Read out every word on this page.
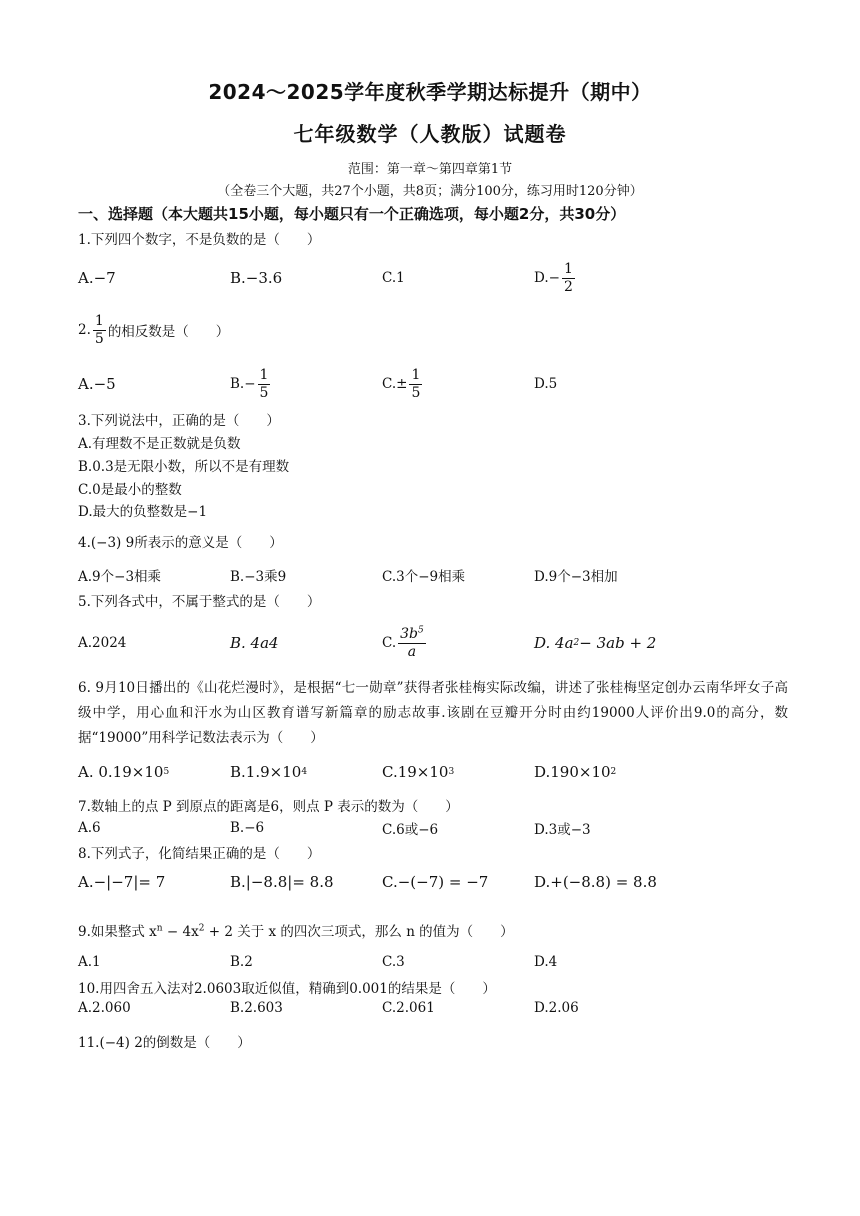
2024～2025学年度秋季学期达标提升（期中）
七年级数学（人教版）试题卷
范围：第一章～第四章第1节
（全卷三个大题，共27个小题，共8页；满分100分，练习用时120分钟）
一、选择题（本大题共15小题，每小题只有一个正确选项，每小题2分，共30分）
1.下列四个数字，不是负数的是（　　）
A.−7	B.−3.6	C.1	$D.- \frac{1}{2}$
2. $\frac{1}{5}$ 的相反数是（　　）
A.−5	$B.- \frac{1}{5}$	$C.\pm \frac{1}{5}$	D.5
3.下列说法中，正确的是（　　）
A.有理数不是正数就是负数
B.0.3是无限小数，所以不是有理数
C.0是最小的整数
D.最大的负整数是−1
4.(−3) 9所表示的意义是（　　）
A.9个−3相乘	B.−3乘9	C.3个−9相乘	D.9个−3相加
5.下列各式中，不属于整式的是（　　）
A.2024	B. 4a4	C. $\frac{3b^5}{a}$	D. 4a 2 − 3ab + 2
6. 9月10日播出的《山花烂漫时》，是根据“七一勋章”获得者张桂梅实际改编，讲述了张桂梅坚定创办云南华坪女子高级中学，用心血和汗水为山区教育谱写新篇章的励志故事.该剧在豆瓣开分时由约19000人评价出9.0的高分，数据“19000”用科学记数法表示为（　　）
A. 0.19×10 5	B.1.9×10 4	C.19×10 3	D.190×10 2
7.数轴上的点 P 到原点的距离是6，则点 P 表示的数为（　　）
A.6	B.−6	C.6或−6	D.3或−3
8.下列式子，化简结果正确的是（　　）
A.−|−7|= 7	B.|−8.8|= 8.8	C.−(−7) = −7	D.+(−8.8) = 8.8
9.如果整式 $x^n - 4x^2 + 2$ 关于 x 的四次三项式，那么 n 的值为（　　）
A.1	B.2	C.3	D.4
10.用四舍五入法对2.0603取近似值，精确到0.001的结果是（　　）
A.2.060	B.2.603	C.2.061	D.2.06
11.(−4) 2的倒数是（　　）
